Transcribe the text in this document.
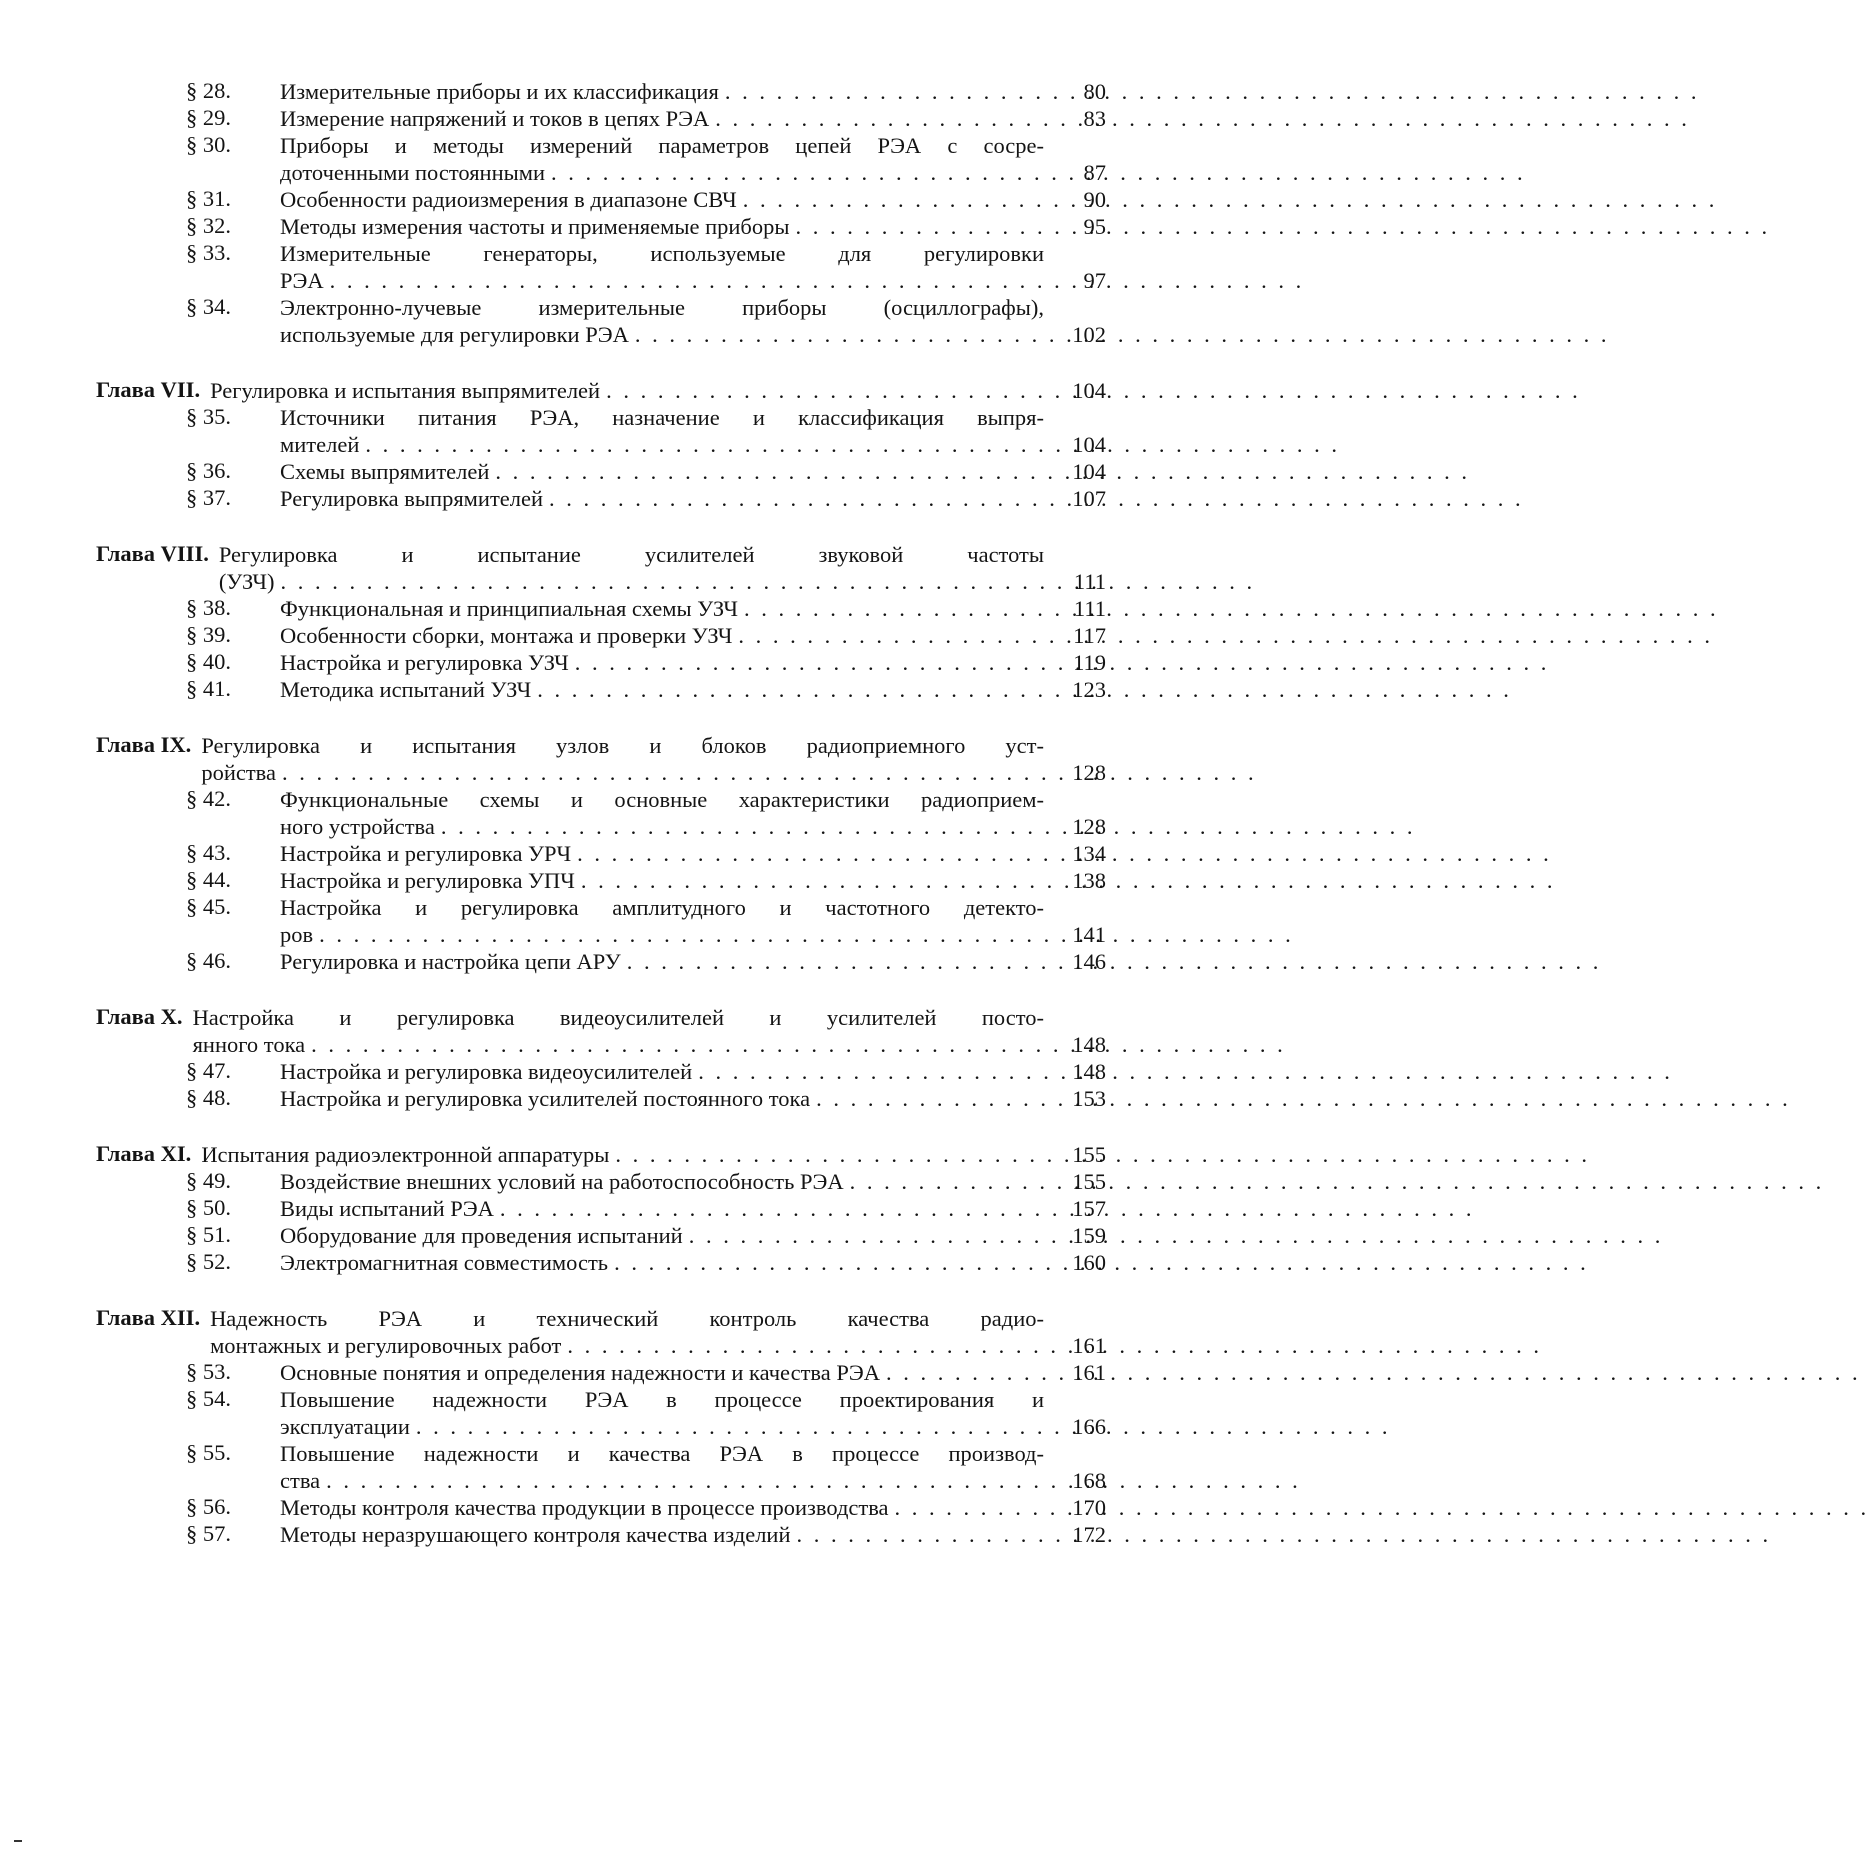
§ 28.	Измерительные приборы и их классификация . . .	80
§ 29.	Измерение напряжений и токов в цепях РЭА . . .	83
§ 30.	Приборы и методы измерений параметров цепей РЭА с сосре-
доточенными постоянными . . .	87
§ 31.	Особенности радиоизмерения в диапазоне СВЧ . . .	90
§ 32.	Методы измерения частоты и применяемые приборы . . .	95
§ 33.	Измерительные генераторы, используемые для регулировки
РЭА . . .	97
§ 34.	Электронно-лучевые измерительные приборы (осциллографы),
используемые для регулировки РЭА . . .	102
Глава VII. Регулировка и испытания выпрямителей . . .	104
§ 35.	Источники питания РЭА, назначение и классификация выпря-
мителей . . .	104
§ 36.	Схемы выпрямителей . . .	104
§ 37.	Регулировка выпрямителей . . .	107
Глава VIII. Регулировка и испытание усилителей звуковой частоты
(УЗЧ) . . .	111
§ 38.	Функциональная и принципиальная схемы УЗЧ . . .	111
§ 39.	Особенности сборки, монтажа и проверки УЗЧ . . .	117
§ 40.	Настройка и регулировка УЗЧ . . .	119
§ 41.	Методика испытаний УЗЧ . . .	123
Глава IX. Регулировка и испытания узлов и блоков радиоприемного уст-
ройства . . .	128
§ 42.	Функциональные схемы и основные характеристики радиоприем-
ного устройства . . .	128
§ 43.	Настройка и регулировка УРЧ . . .	134
§ 44.	Настройка и регулировка УПЧ . . .	138
§ 45.	Настройка и регулировка амплитудного и частотного детекто-
ров . . .	141
§ 46.	Регулировка и настройка цепи АРУ . . .	146
Глава X. Настройка и регулировка видеоусилителей и усилителей посто-
янного тока . . .	148
§ 47.	Настройка и регулировка видеоусилителей . . .	148
§ 48.	Настройка и регулировка усилителей постоянного тока . . .	153
Глава XI. Испытания радиоэлектронной аппаратуры . . .	155
§ 49.	Воздействие внешних условий на работоспособность РЭА . . .	155
§ 50.	Виды испытаний РЭА . . .	157
§ 51.	Оборудование для проведения испытаний . . .	159
§ 52.	Электромагнитная совместимость . . .	160
Глава XII. Надежность РЭА и технический контроль качества радио-
монтажных и регулировочных работ . . .	161
§ 53.	Основные понятия и определения надежности и качества РЭА . . .	161
§ 54.	Повышение надежности РЭА в процессе проектирования и
эксплуатации . . .	166
§ 55.	Повышение надежности и качества РЭА в процессе производ-
ства . . .	168
§ 56.	Методы контроля качества продукции в процессе производства . . .	170
§ 57.	Методы неразрушающего контроля качества изделий . . .	172
